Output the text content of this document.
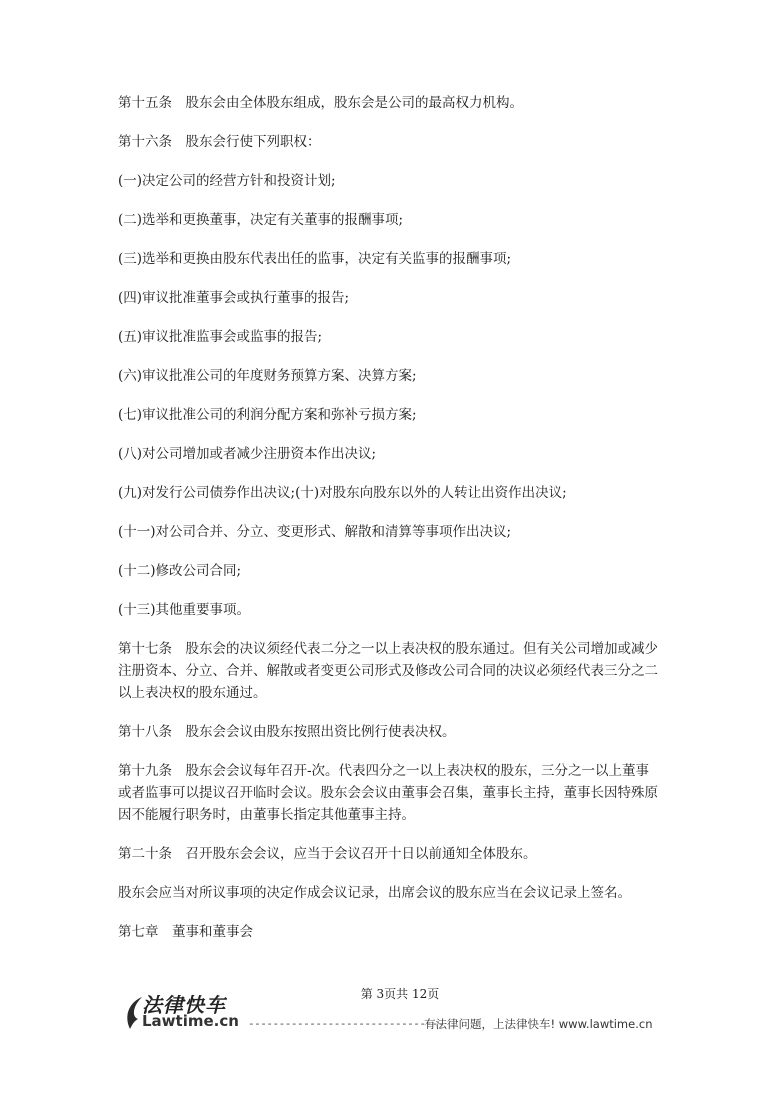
第十五条　股东会由全体股东组成，股东会是公司的最高权力机构。

第十六条　股东会行使下列职权：

(一)决定公司的经营方针和投资计划;

(二)选举和更换董事，决定有关董事的报酬事项;

(三)选举和更换由股东代表出任的监事，决定有关监事的报酬事项;

(四)审议批准董事会或执行董事的报告;

(五)审议批准监事会或监事的报告;

(六)审议批准公司的年度财务预算方案、决算方案;

(七)审议批准公司的利润分配方案和弥补亏损方案;

(八)对公司增加或者减少注册资本作出决议;

(九)对发行公司债券作出决议;(十)对股东向股东以外的人转让出资作出决议;

(十一)对公司合并、分立、变更形式、解散和清算等事项作出决议;

(十二)修改公司合同;

(十三)其他重要事项。

第十七条　股东会的决议须经代表二分之一以上表决权的股东通过。但有关公司增加或减少

注册资本、分立、合并、解散或者变更公司形式及修改公司合同的决议必须经代表三分之二

以上表决权的股东通过。

第十八条　股东会会议由股东按照出资比例行使表决权。

第十九条　股东会会议每年召开-次。代表四分之一以上表决权的股东，三分之一以上董事

或者监事可以提议召开临时会议。股东会会议由董事会召集，董事长主持，董事长因特殊原

因不能履行职务时，由董事长指定其他董事主持。

第二十条　召开股东会会议，应当于会议召开十日以前通知全体股东。

股东会应当对所议事项的决定作成会议记录，出席会议的股东应当在会议记录上签名。

第七章　董事和董事会

法律快车
Lawtime.cn
第 3页共 12页
--------------------------------
有法律问题，上法律快车! www.lawtime.cn
